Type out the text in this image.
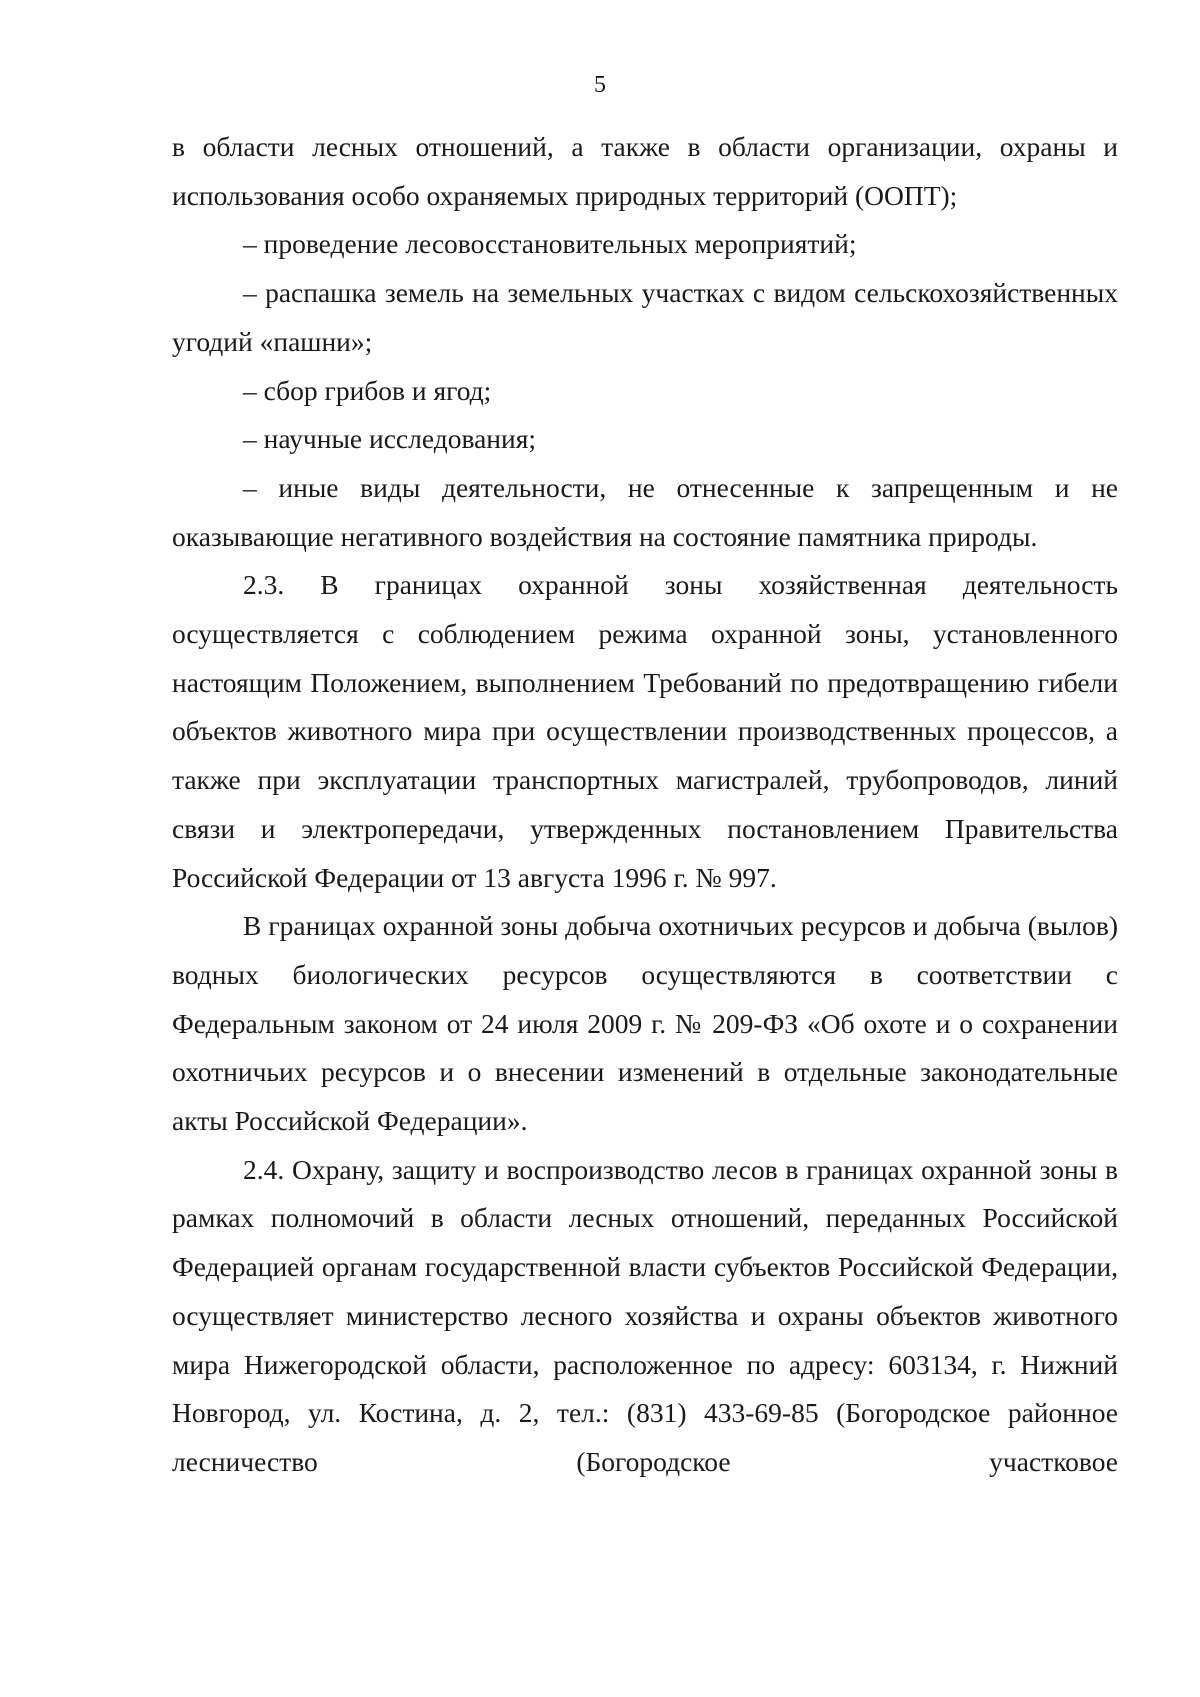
5

в области лесных отношений, а также в области организации, охраны и использования особо охраняемых природных территорий (ООПТ);

– проведение лесовосстановительных мероприятий;

– распашка земель на земельных участках с видом сельскохозяйственных угодий «пашни»;

– сбор грибов и ягод;

– научные исследования;

– иные виды деятельности, не отнесенные к запрещенным и не оказывающие негативного воздействия на состояние памятника природы.

2.3. В границах охранной зоны хозяйственная деятельность осуществляется с соблюдением режима охранной зоны, установленного настоящим Положением, выполнением Требований по предотвращению гибели объектов животного мира при осуществлении производственных процессов, а также при эксплуатации транспортных магистралей, трубопроводов, линий связи и электропередачи, утвержденных постановлением Правительства Российской Федерации от 13 августа 1996 г. № 997.

В границах охранной зоны добыча охотничьих ресурсов и добыча (вылов) водных биологических ресурсов осуществляются в соответствии с Федеральным законом от 24 июля 2009 г. № 209-ФЗ «Об охоте и о сохранении охотничьих ресурсов и о внесении изменений в отдельные законодательные акты Российской Федерации».

2.4. Охрану, защиту и воспроизводство лесов в границах охранной зоны в рамках полномочий в области лесных отношений, переданных Российской Федерацией органам государственной власти субъектов Российской Федерации, осуществляет министерство лесного хозяйства и охраны объектов животного мира Нижегородской области, расположенное по адресу: 603134, г. Нижний Новгород, ул. Костина, д. 2, тел.: (831) 433-69-85 (Богородское районное лесничество (Богородское участковое
